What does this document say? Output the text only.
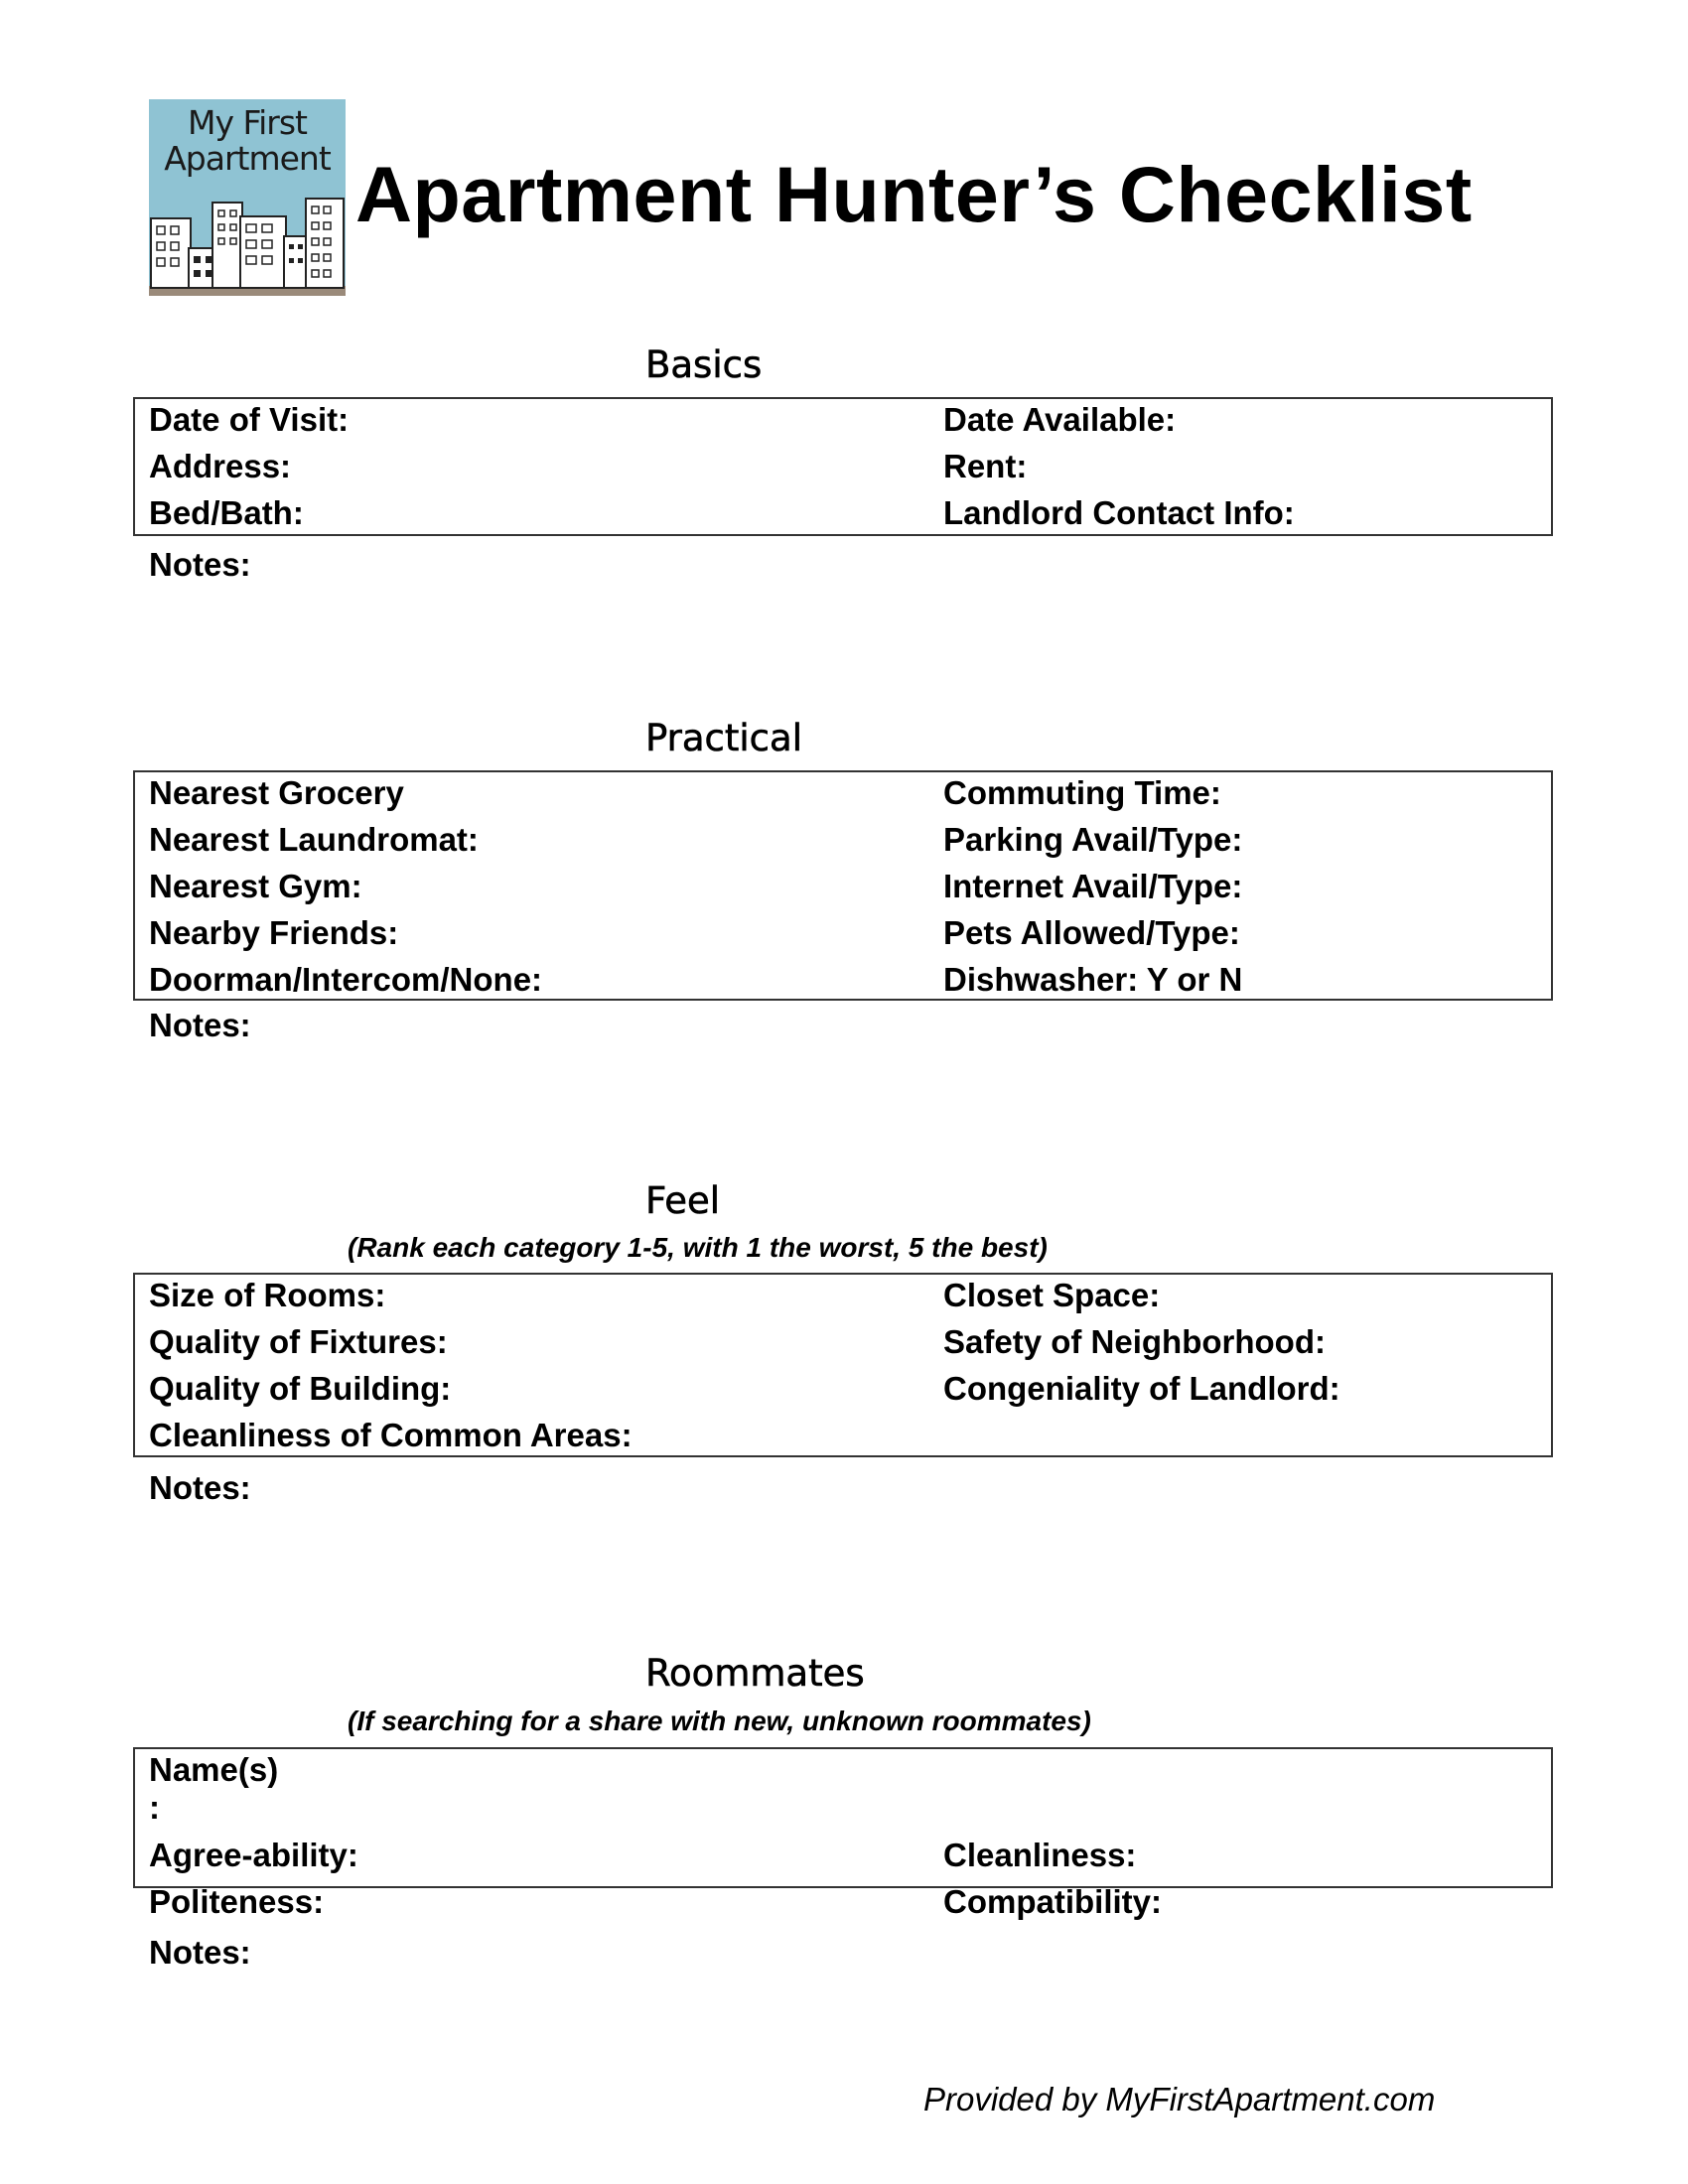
My First
Apartment Apartment Hunter’s Checklist
Basics
Date of Visit:
Address:
Bed/Bath:
Date Available:
Rent:
Landlord Contact Info:
Notes:
Practical
Nearest Grocery
Nearest Laundromat:
Nearest Gym:
Nearby Friends:
Doorman/Intercom/None:
Commuting Time:
Parking Avail/Type:
Internet Avail/Type:
Pets Allowed/Type:
Dishwasher: Y or N
Notes:
Feel
(Rank each category 1-5, with 1 the worst, 5 the best)
Size of Rooms:
Quality of Fixtures:
Quality of Building:
Cleanliness of Common Areas:
Closet Space:
Safety of Neighborhood:
Congeniality of Landlord:
Notes:
Roommates
(If searching for a share with new, unknown roommates)
Name(s)
:
Agree-ability:
Politeness:
Cleanliness:
Compatibility:
Notes:
Provided by MyFirstApartment.com
